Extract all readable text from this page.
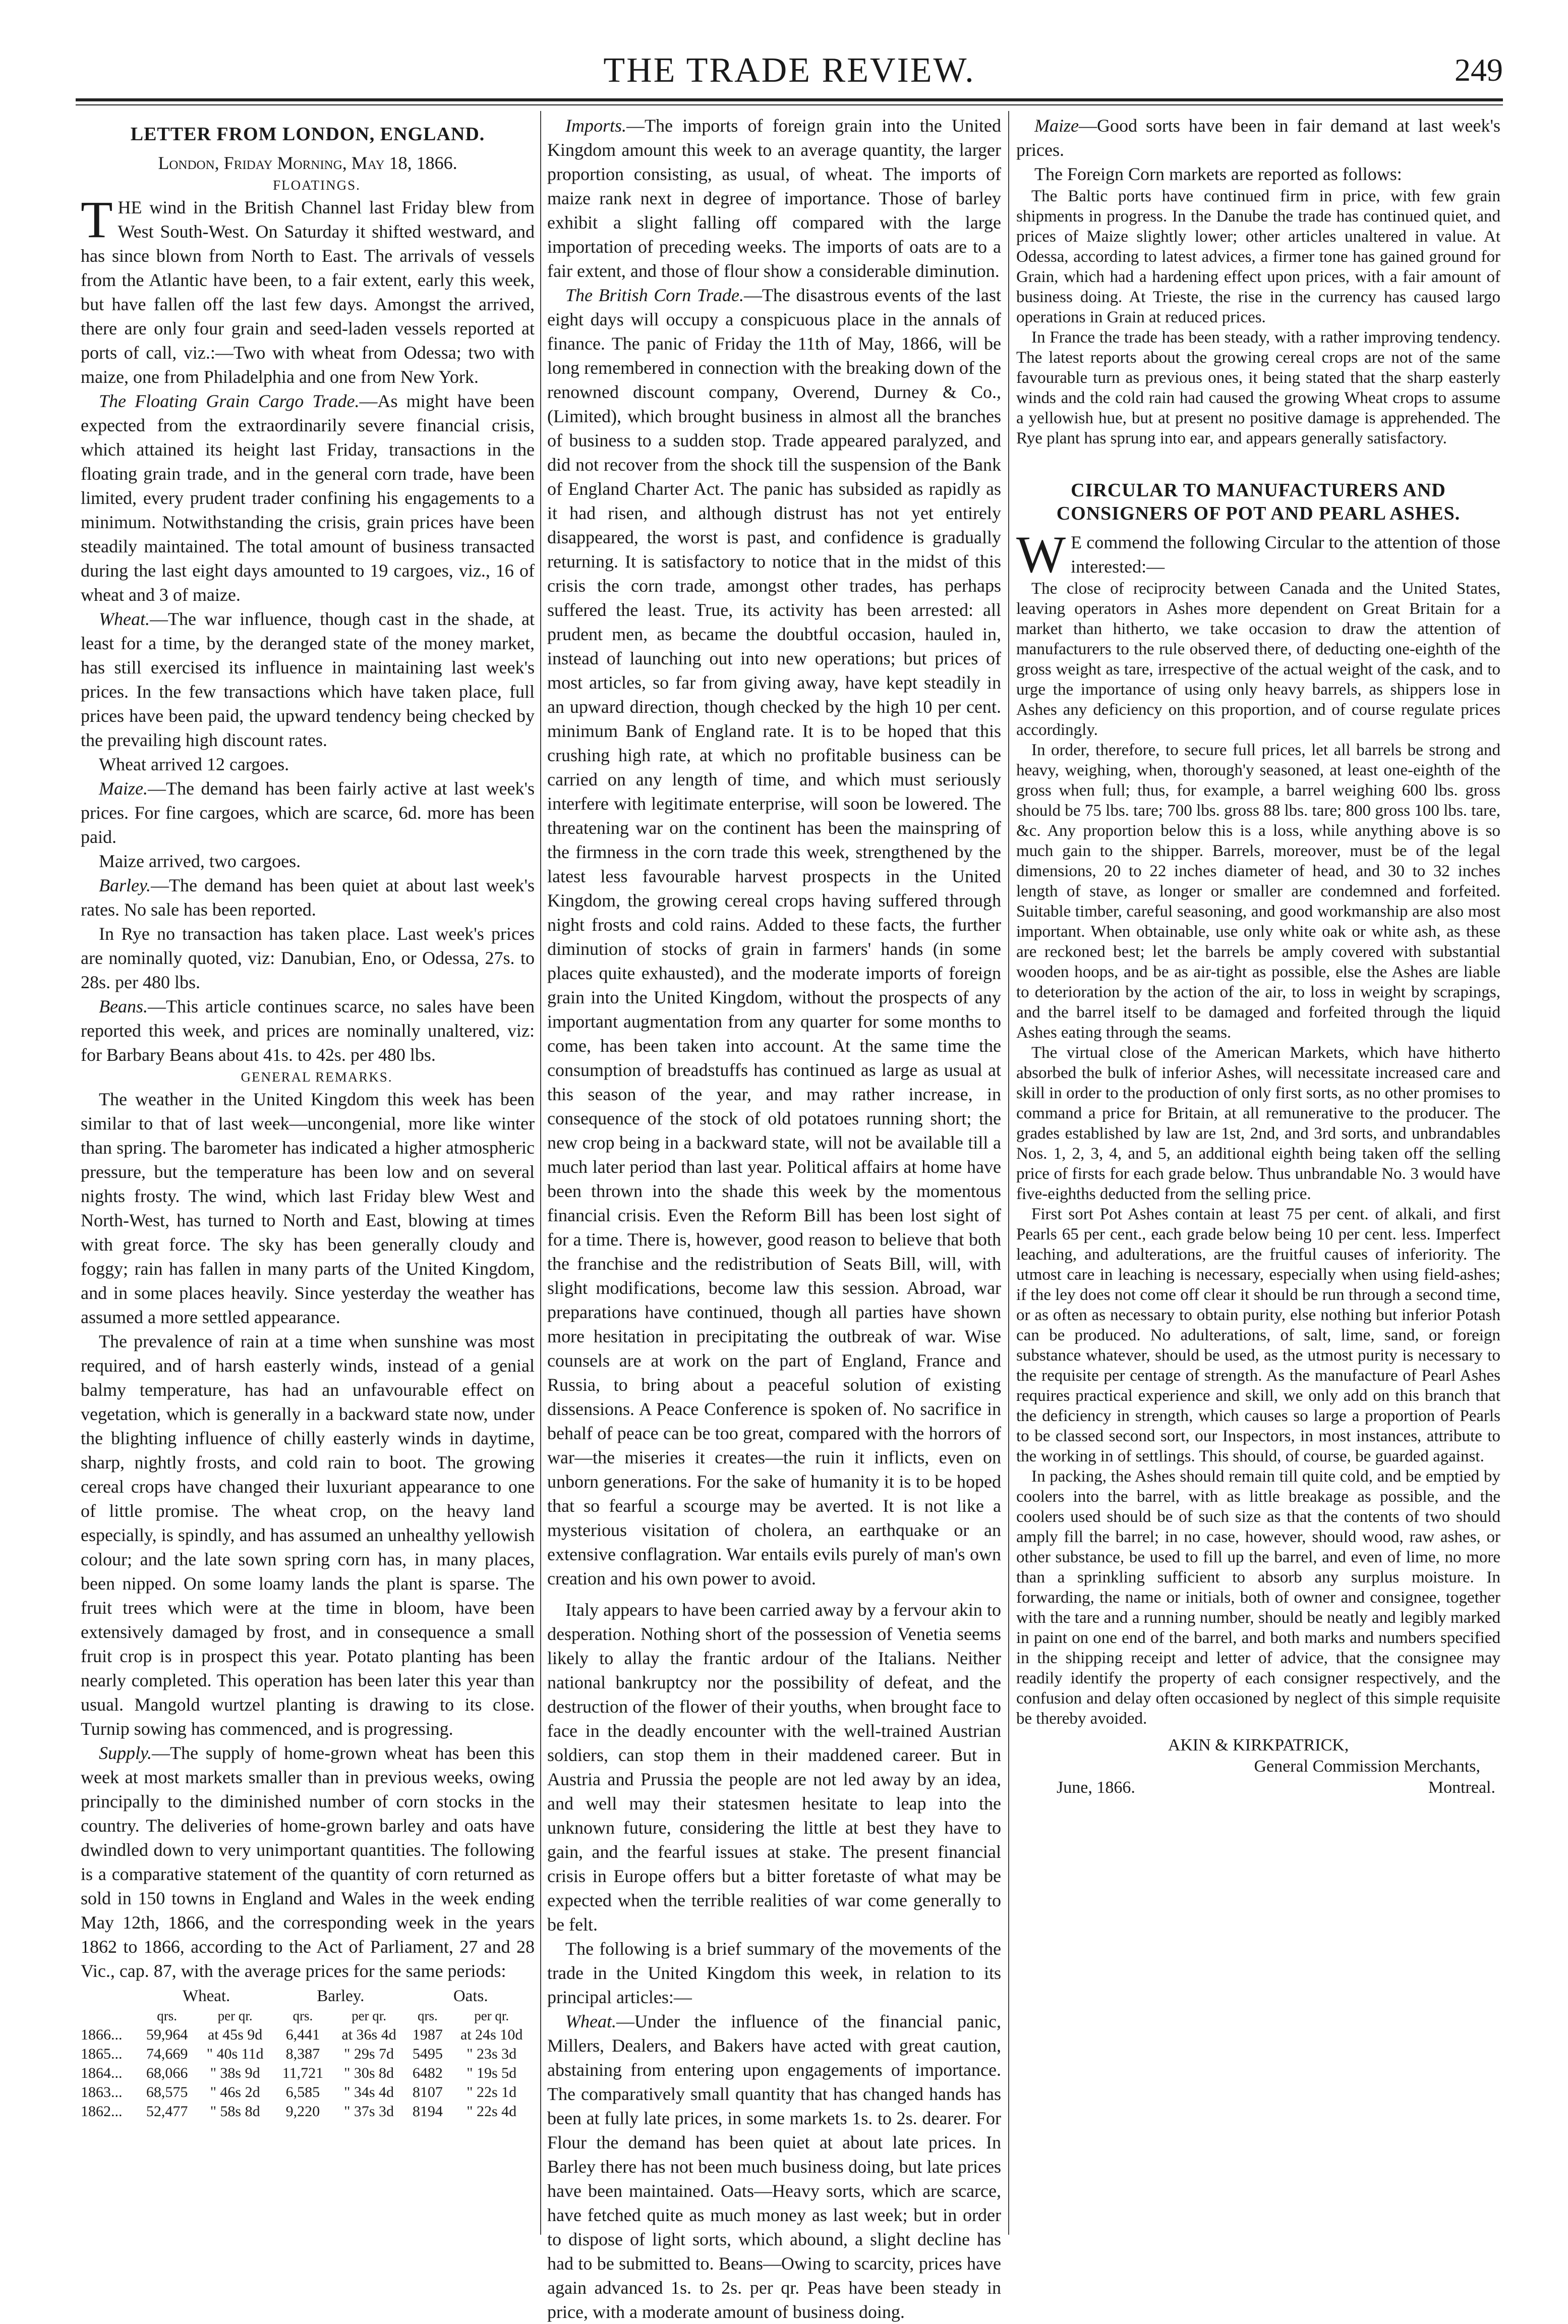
THE TRADE REVIEW.	249
LETTER FROM LONDON, ENGLAND.

London, Friday Morning, May 18, 1866.

FLOATINGS.

THE wind in the British Channel last Friday blew from West South-West. On Saturday it shifted westward, and has since blown from North to East. The arrivals of vessels from the Atlantic have been, to a fair extent, early this week, but have fallen off the last few days. Amongst the arrived, there are only four grain and seed-laden vessels reported at ports of call, viz.:—Two with wheat from Odessa; two with maize, one from Philadelphia and one from New York.

The Floating Grain Cargo Trade.—As might have been expected from the extraordinarily severe financial crisis, which attained its height last Friday, transactions in the floating grain trade, and in the general corn trade, have been limited, every prudent trader confining his engagements to a minimum. Notwithstanding the crisis, grain prices have been steadily maintained. The total amount of business transacted during the last eight days amounted to 19 cargoes, viz., 16 of wheat and 3 of maize.

Wheat.—The war influence, though cast in the shade, at least for a time, by the deranged state of the money market, has still exercised its influence in maintaining last week's prices. In the few transactions which have taken place, full prices have been paid, the upward tendency being checked by the prevailing high discount rates.

Wheat arrived 12 cargoes.

Maize.—The demand has been fairly active at last week's prices. For fine cargoes, which are scarce, 6d. more has been paid.

Maize arrived, two cargoes.

Barley.—The demand has been quiet at about last week's rates. No sale has been reported.

In Rye no transaction has taken place. Last week's prices are nominally quoted, viz: Danubian, Eno, or Odessa, 27s. to 28s. per 480 lbs.

Beans.—This article continues scarce, no sales have been reported this week, and prices are nominally unaltered, viz: for Barbary Beans about 41s. to 42s. per 480 lbs.

GENERAL REMARKS.

The weather in the United Kingdom this week has been similar to that of last week—uncongenial, more like winter than spring. The barometer has indicated a higher atmospheric pressure, but the temperature has been low and on several nights frosty. The wind, which last Friday blew West and North-West, has turned to North and East, blowing at times with great force. The sky has been generally cloudy and foggy; rain has fallen in many parts of the United Kingdom, and in some places heavily. Since yesterday the weather has assumed a more settled appearance.

The prevalence of rain at a time when sunshine was most required, and of harsh easterly winds, instead of a genial balmy temperature, has had an unfavourable effect on vegetation, which is generally in a backward state now, under the blighting influence of chilly easterly winds in daytime, sharp, nightly frosts, and cold rain to boot. The growing cereal crops have changed their luxuriant appearance to one of little promise. The wheat crop, on the heavy land especially, is spindly, and has assumed an unhealthy yellowish colour; and the late sown spring corn has, in many places, been nipped. On some loamy lands the plant is sparse. The fruit trees which were at the time in bloom, have been extensively damaged by frost, and in consequence a small fruit crop is in prospect this year. Potato planting has been nearly completed. This operation has been later this year than usual. Mangold wurtzel planting is drawing to its close. Turnip sowing has commenced, and is progressing.

Supply.—The supply of home-grown wheat has been this week at most markets smaller than in previous weeks, owing principally to the diminished number of corn stocks in the country. The deliveries of home-grown barley and oats have dwindled down to very unimportant quantities. The following is a comparative statement of the quantity of corn returned as sold in 150 towns in England and Wales in the week ending May 12th, 1866, and the corresponding week in the years 1862 to 1866, according to the Act of Parliament, 27 and 28 Vic., cap. 87, with the average prices for the same periods:

	Wheat.		Barley.		Oats.	
	qrs.	per qr.	qrs.	per qr.	qrs.	per qr.
1866...	59,964	at 45s 9d	6,441	at 36s 4d	1987	at 24s 10d
1865...	74,669	" 40s 11d	8,387	" 29s 7d	5495	" 23s 3d
1864...	68,066	" 38s 9d	11,721	" 30s 8d	6482	" 19s 5d
1863...	68,575	" 46s 2d	6,585	" 34s 4d	8107	" 22s 1d
1862...	52,477	" 58s 8d	9,220	" 37s 3d	8194	" 22s 4d

Imports.—The imports of foreign grain into the United Kingdom amount this week to an average quantity, the larger proportion consisting, as usual, of wheat. The imports of maize rank next in degree of importance. Those of barley exhibit a slight falling off compared with the large importation of preceding weeks. The imports of oats are to a fair extent, and those of flour show a considerable diminution.

The British Corn Trade.—The disastrous events of the last eight days will occupy a conspicuous place in the annals of finance. The panic of Friday the 11th of May, 1866, will be long remembered in connection with the breaking down of the renowned discount company, Overend, Durney & Co., (Limited), which brought business in almost all the branches of business to a sudden stop. Trade appeared paralyzed, and did not recover from the shock till the suspension of the Bank of England Charter Act. The panic has subsided as rapidly as it had risen, and although distrust has not yet entirely disappeared, the worst is past, and confidence is gradually returning. It is satisfactory to notice that in the midst of this crisis the corn trade, amongst other trades, has perhaps suffered the least. True, its activity has been arrested: all prudent men, as became the doubtful occasion, hauled in, instead of launching out into new operations; but prices of most articles, so far from giving away, have kept steadily in an upward direction, though checked by the high 10 per cent. minimum Bank of England rate. It is to be hoped that this crushing high rate, at which no profitable business can be carried on any length of time, and which must seriously interfere with legitimate enterprise, will soon be lowered. The threatening war on the continent has been the mainspring of the firmness in the corn trade this week, strengthened by the latest less favourable harvest prospects in the United Kingdom, the growing cereal crops having suffered through night frosts and cold rains. Added to these facts, the further diminution of stocks of grain in farmers' hands (in some places quite exhausted), and the moderate imports of foreign grain into the United Kingdom, without the prospects of any important augmentation from any quarter for some months to come, has been taken into account. At the same time the consumption of breadstuffs has continued as large as usual at this season of the year, and may rather increase, in consequence of the stock of old potatoes running short; the new crop being in a backward state, will not be available till a much later period than last year. Political affairs at home have been thrown into the shade this week by the momentous financial crisis. Even the Reform Bill has been lost sight of for a time. There is, however, good reason to believe that both the franchise and the redistribution of Seats Bill, will, with slight modifications, become law this session. Abroad, war preparations have continued, though all parties have shown more hesitation in precipitating the outbreak of war. Wise counsels are at work on the part of England, France and Russia, to bring about a peaceful solution of existing dissensions. A Peace Conference is spoken of. No sacrifice in behalf of peace can be too great, compared with the horrors of war—the miseries it creates—the ruin it inflicts, even on unborn generations. For the sake of humanity it is to be hoped that so fearful a scourge may be averted. It is not like a mysterious visitation of cholera, an earthquake or an extensive conflagration. War entails evils purely of man's own creation and his own power to avoid.

Italy appears to have been carried away by a fervour akin to desperation. Nothing short of the possession of Venetia seems likely to allay the frantic ardour of the Italians. Neither national bankruptcy nor the possibility of defeat, and the destruction of the flower of their youths, when brought face to face in the deadly encounter with the well-trained Austrian soldiers, can stop them in their maddened career. But in Austria and Prussia the people are not led away by an idea, and well may their statesmen hesitate to leap into the unknown future, considering the little at best they have to gain, and the fearful issues at stake. The present financial crisis in Europe offers but a bitter foretaste of what may be expected when the terrible realities of war come generally to be felt.

The following is a brief summary of the movements of the trade in the United Kingdom this week, in relation to its principal articles:—

Wheat.—Under the influence of the financial panic, Millers, Dealers, and Bakers have acted with great caution, abstaining from entering upon engagements of importance. The comparatively small quantity that has changed hands has been at fully late prices, in some markets 1s. to 2s. dearer. For Flour the demand has been quiet at about late prices. In Barley there has not been much business doing, but late prices have been maintained. Oats—Heavy sorts, which are scarce, have fetched quite as much money as last week; but in order to dispose of light sorts, which abound, a slight decline has had to be submitted to. Beans—Owing to scarcity, prices have again advanced 1s. to 2s. per qr. Peas have been steady in price, with a moderate amount of business doing.

Maize—Good sorts have been in fair demand at last week's prices.

The Foreign Corn markets are reported as follows:

The Baltic ports have continued firm in price, with few grain shipments in progress. In the Danube the trade has continued quiet, and prices of Maize slightly lower; other articles unaltered in value. At Odessa, according to latest advices, a firmer tone has gained ground for Grain, which had a hardening effect upon prices, with a fair amount of business doing. At Trieste, the rise in the currency has caused largo operations in Grain at reduced prices.

In France the trade has been steady, with a rather improving tendency. The latest reports about the growing cereal crops are not of the same favourable turn as previous ones, it being stated that the sharp easterly winds and the cold rain had caused the growing Wheat crops to assume a yellowish hue, but at present no positive damage is apprehended. The Rye plant has sprung into ear, and appears generally satisfactory.

CIRCULAR TO MANUFACTURERS AND CONSIGNERS OF POT AND PEARL ASHES.

W E commend the following Circular to the attention of those interested:—

The close of reciprocity between Canada and the United States, leaving operators in Ashes more dependent on Great Britain for a market than hitherto, we take occasion to draw the attention of manufacturers to the rule observed there, of deducting one-eighth of the gross weight as tare, irrespective of the actual weight of the cask, and to urge the importance of using only heavy barrels, as shippers lose in Ashes any deficiency on this proportion, and of course regulate prices accordingly.

In order, therefore, to secure full prices, let all barrels be strong and heavy, weighing, when, thorough'y seasoned, at least one-eighth of the gross when full; thus, for example, a barrel weighing 600 lbs. gross should be 75 lbs. tare; 700 lbs. gross 88 lbs. tare; 800 gross 100 lbs. tare, &c. Any proportion below this is a loss, while anything above is so much gain to the shipper. Barrels, moreover, must be of the legal dimensions, 20 to 22 inches diameter of head, and 30 to 32 inches length of stave, as longer or smaller are condemned and forfeited. Suitable timber, careful seasoning, and good workmanship are also most important. When obtainable, use only white oak or white ash, as these are reckoned best; let the barrels be amply covered with substantial wooden hoops, and be as air-tight as possible, else the Ashes are liable to deterioration by the action of the air, to loss in weight by scrapings, and the barrel itself to be damaged and forfeited through the liquid Ashes eating through the seams.

The virtual close of the American Markets, which have hitherto absorbed the bulk of inferior Ashes, will necessitate increased care and skill in order to the production of only first sorts, as no other promises to command a price for Britain, at all remunerative to the producer. The grades established by law are 1st, 2nd, and 3rd sorts, and unbrandables Nos. 1, 2, 3, 4, and 5, an additional eighth being taken off the selling price of firsts for each grade below. Thus unbrandable No. 3 would have five-eighths deducted from the selling price.

First sort Pot Ashes contain at least 75 per cent. of alkali, and first Pearls 65 per cent., each grade below being 10 per cent. less. Imperfect leaching, and adulterations, are the fruitful causes of inferiority. The utmost care in leaching is necessary, especially when using field-ashes; if the ley does not come off clear it should be run through a second time, or as often as necessary to obtain purity, else nothing but inferior Potash can be produced. No adulterations, of salt, lime, sand, or foreign substance whatever, should be used, as the utmost purity is necessary to the requisite per centage of strength. As the manufacture of Pearl Ashes requires practical experience and skill, we only add on this branch that the deficiency in strength, which causes so large a proportion of Pearls to be classed second sort, our Inspectors, in most instances, attribute to the working in of settlings. This should, of course, be guarded against.

In packing, the Ashes should remain till quite cold, and be emptied by coolers into the barrel, with as little breakage as possible, and the coolers used should be of such size as that the contents of two should amply fill the barrel; in no case, however, should wood, raw ashes, or other substance, be used to fill up the barrel, and even of lime, no more than a sprinkling sufficient to absorb any surplus moisture. In forwarding, the name or initials, both of owner and consignee, together with the tare and a running number, should be neatly and legibly marked in paint on one end of the barrel, and both marks and numbers specified in the shipping receipt and letter of advice, that the consignee may readily identify the property of each consigner respectively, and the confusion and delay often occasioned by neglect of this simple requisite be thereby avoided.

AKIN & KIRKPATRICK,
General Commission Merchants,
June, 1866.	Montreal.
